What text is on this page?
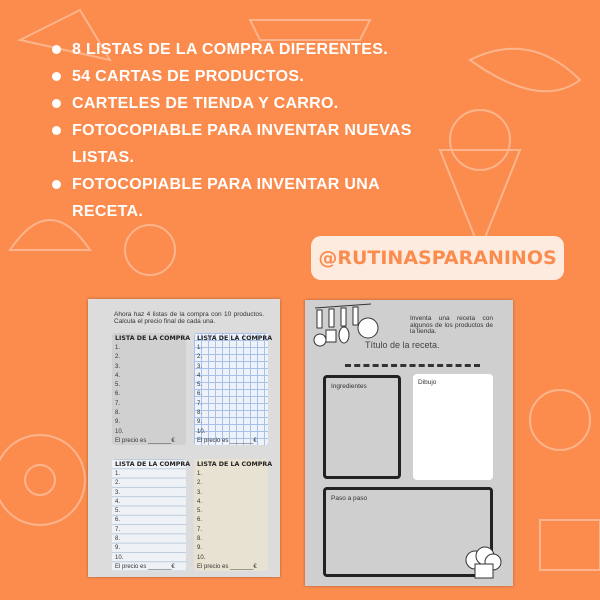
8 LISTAS DE LA COMPRA DIFERENTES.
54 CARTAS DE PRODUCTOS.
CARTELES DE TIENDA Y CARRO.
FOTOCOPIABLE PARA INVENTAR NUEVAS LISTAS.
FOTOCOPIABLE PARA INVENTAR UNA RECETA.
@RUTINASPARANINOS
Ahora haz 4 listas de la compra con 10 productos. Calcula el precio final de cada una.
LISTA DE LA COMPRA
1.
2.
3.
4.
5.
6.
7.
8.
9.
10.
El precio es _______€
LISTA DE LA COMPRA
1.
2.
3.
4.
5.
6.
7.
8.
9.
10.
El precio es _______€
LISTA DE LA COMPRA
1.
2.
3.
4.
5.
6.
7.
8.
9.
10.
El precio es _______€
LISTA DE LA COMPRA
1.
2.
3.
4.
5.
6.
7.
8.
9.
10.
El precio es _______€
Inventa una receta con algunos de los productos de la tienda.
Título de la receta.
Ingredientes
Dibujo
Paso a paso
